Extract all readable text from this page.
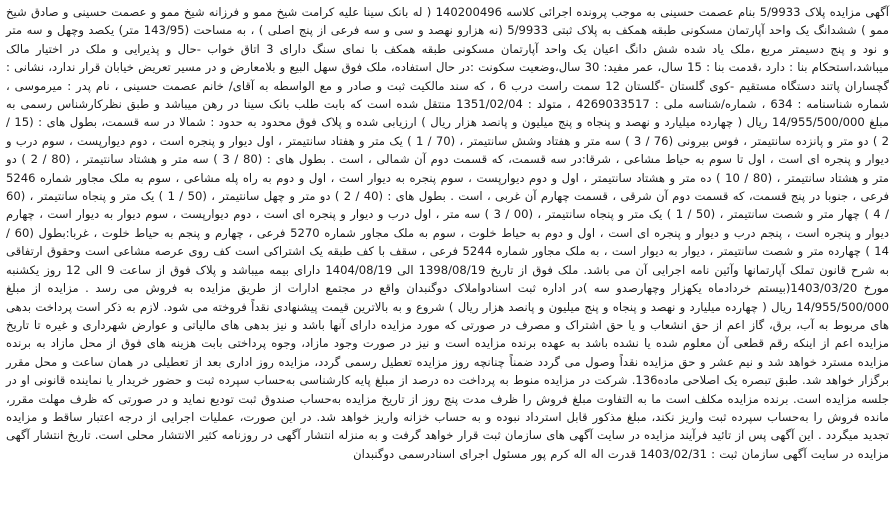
آگهی مزایده پلاک 5/9933 بنام عصمت حسینی به موجب پرونده اجرائی کلاسه 140200496 ( له بانک سینا علیه کرامت شیخ ممو و فرزانه شیخ ممو و عصمت حسینی و صادق شیخ ممو ) ششدانگ یک واحد آپارتمان مسکونی طبقه همکف به پلاک ثبتی 5/9933 (نه هزارو نهصد و سی و سه فرعی از پنج اصلی ) ، به مساحت (143/95 متر) یکصد وچهل و سه متر و نود و پنج دسیمتر مربع ،ملک یاد شده شش دانگ اعیان یک واحد آپارتمان مسکونی طبقه همکف با نمای سنگ دارای 3 اتاق خواب -حال و پذیرایی و ملک در اختیار مالک میباشد،استحکام بنا : دارد ،قدمت بنا : 15 سال، عمر مفید: 30 سال،وضعیت سکونت :در حال استفاده، ملک فوق سهل البیع و بلامعارض و در مسیر تعریض خیابان قرار ندارد، نشانی : گچساران پاتند دستگاه مستقیم -کوی گلستان -گلستان 12 سمت راست درب 6 ، که سند مالکیت ثبت و صادر و مع الواسطه به آقای/ خانم عصمت حسینی ، نام پدر : میرموسی ، شماره شناسنامه : 634 ، شماره/شناسه ملی : 4269033517 ، متولد : 1351/02/04 منتقل شده است که بابت طلب بانک سینا در رهن میباشد و طبق نظرکارشناس رسمی به مبلغ 14/955/500/000 ریال ( چهارده میلیارد و نهصد و پنجاه و پنج میلیون و پانصد هزار ریال ) ارزیابی شده و پلاک فوق محدود به حدود : شمالا در سه قسمت، بطول های : (15 / 2 ) دو متر و پانزده سانتیمتر ، فوس بیرونی (76 / 3 ) سه متر و هفتاد وشش سانتیمتر ، (70 / 1 ) یک متر و هفتاد سانتیمتر ، اول دیوار و پنجره است ، دوم دیوارپست ، سوم درب و دیوار و پنجره ای است ، اول تا سوم به حیاط مشاعی ، شرقا:در سه قسمت، که قسمت دوم آن شمالی ، است . بطول های : (80 / 3 ) سه متر و هشتاد سانتیمتر ، (80 / 2 ) دو متر و هشتاد سانتیمتر ، (80 / 10 ) ده متر و هشتاد سانتیمتر ، اول و دوم دیوارپست ، سوم پنجره به دیوار است ، اول و دوم به راه پله مشاعی ، سوم به ملک مجاور شماره 5246 فرعی ، جنوبا در پنج قسمت، که قسمت دوم آن شرقی ، قسمت چهارم آن غربی ، است . بطول های : (40 / 2 ) دو متر و چهل سانتیمتر ، (50 / 1 ) یک متر و پنجاه سانتیمتر ، (60 / 4 ) چهار متر و شصت سانتیمتر ، (50 / 1 ) یک متر و پنجاه سانتیمتر ، (00 / 3 ) سه متر ، اول درب و دیوار و پنجره ای است ، دوم دیوارپست ، سوم دیوار به دیوار است ، چهارم دیوار و پنجره است ، پنجم درب و دیوار و پنجره ای است ، اول و دوم به حیاط خلوت ، سوم به ملک مجاور شماره 5270 فرعی ، چهارم و پنجم به حیاط خلوت ، غربا:بطول (60 / 14 ) چهارده متر و شصت سانتیمتر ، دیوار به دیوار است ، به ملک مجاور شماره 5244 فرعی ، سقف با کف طبقه یک اشتراکی است کف روی عرصه مشاعی است وحقوق ارتفاقی به شرح قانون تملک آپارتمانها وآئین نامه اجرایی آن می باشد. ملک فوق از تاریخ 1398/08/19 الی 1404/08/19 دارای بیمه میباشد و پلاک فوق از ساعت 9 الی 12 روز یکشنبه مورخ 1403/03/20(بیستم خردادماه یکهزار وچهارصدو سه )در اداره ثبت اسنادواملاک دوگنبدان واقع در مجتمع ادارات از طریق مزایده به فروش می رسد . مزایده از مبلغ 14/955/500/000 ریال ( چهارده میلیارد و نهصد و پنجاه و پنج میلیون و پانصد هزار ریال ) شروع و به بالاترین قیمت پیشنهادی نقداً فروخته می شود. لازم به ذکر است پرداخت بدهی های مربوط به آب، برق، گاز اعم از حق انشعاب و یا حق اشتراک و مصرف در صورتی که مورد مزایده دارای آنها باشد و نیز بدهی های مالیاتی و عوارض شهرداری و غیره تا تاریخ مزایده اعم از اینکه رقم قطعی آن معلوم شده یا نشده باشد به عهده برنده مزایده است و نیز در صورت وجود مازاد، وجوه پرداختی بابت هزینه های فوق از محل مازاد به برنده مزایده مسترد خواهد شد و نیم عشر و حق مزایده نقداً وصول می گردد ضمناً چنانچه روز مزایده تعطیل رسمی گردد، مزایده روز اداری بعد از تعطیلی در همان ساعت و محل مقرر برگزار خواهد شد. طبق تبصره یک اصلاحی ماده136. شرکت در مزایده منوط به پرداخت ده درصد از مبلغ پایه کارشناسی به‌حساب سپرده ثبت و حضور خریدار یا نماینده قانونی او در جلسه مزایده است. برنده مزایده مکلف است ما به التفاوت مبلغ فروش را ظرف مدت پنج روز از تاریخ مزایده به‌حساب صندوق ثبت تودیع نماید و در صورتی که ظرف مهلت مقرر، مانده فروش را به‌حساب سپرده ثبت واریز نکند، مبلغ مذکور قابل استرداد نبوده و به حساب خزانه واریز خواهد شد. در این صورت، عملیات اجرایی از درجه اعتبار ساقط و مزایده تجدید میگردد . این آگهی پس از تائید فرآیند مزایده در سایت آگهی های سازمان ثبت قرار خواهد گرفت و به منزله انتشار آگهی در روزنامه کثیر الانتشار محلی است. تاریخ انتشار آگهی مزایده در سایت آگهی سازمان ثبت : 1403/02/31 قدرت اله اله کرم پور مسئول اجرای اسنادرسمی دوگنبدان
